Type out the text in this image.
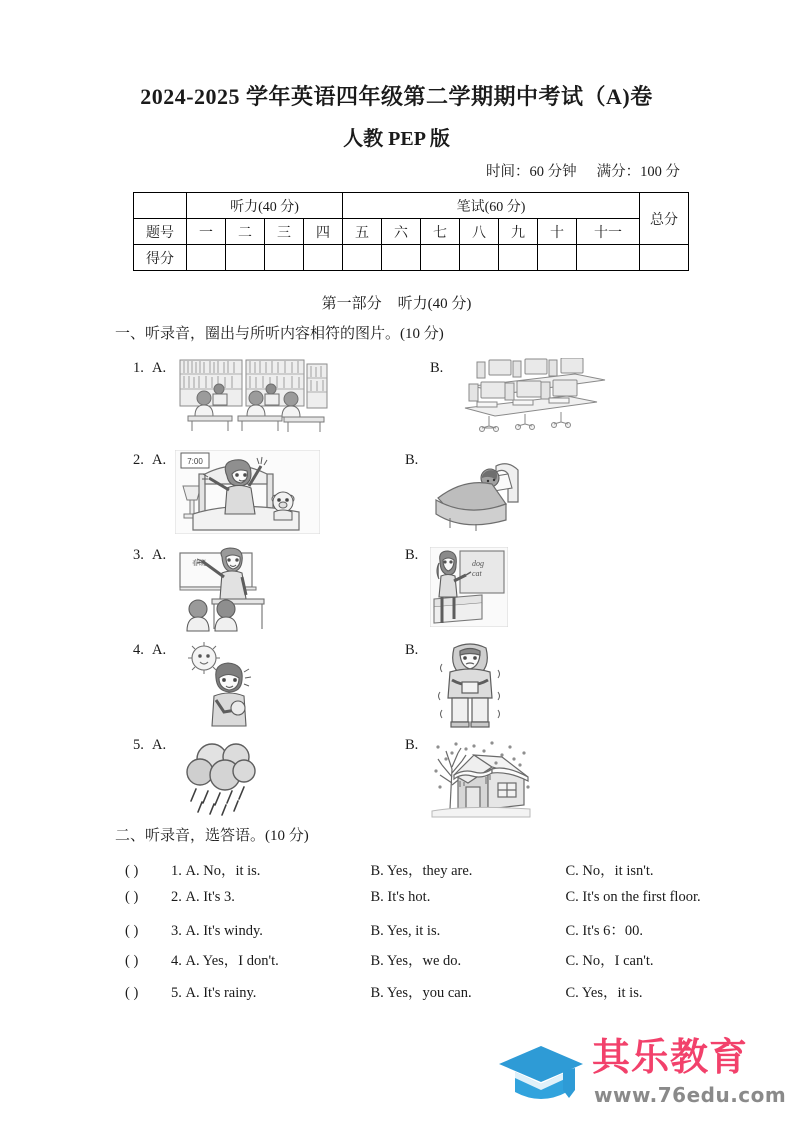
2024-2025 学年英语四年级第二学期期中考试（A)卷
人教 PEP 版
时间：60 分钟 满分：100 分
	听力(40 分)				笔试(60 分)							总分
题号	一	二	三	四	五	六	七	八	九	十	十一	
得分												
第一部分 听力(40 分)
一、听录音，圈出与所听内容相符的图片。(10 分)
1. A.	B.
2. A.	7:00	B.
3. A.	春晓	B.
dog
cat
4. A.	B.
5. A.	B.
二、听录音，选答语。(10 分)
( ) 1. A. No，it is.	B. Yes，they are.	C. No，it isn't.
( ) 2. A. It's 3.	B. It's hot.	C. It's on the first floor.
( ) 3. A. It's windy.	B. Yes, it is.	C. It's 6：00.
( ) 4. A. Yes，I don't.	B. Yes，we do.	C. No，I can't.
( ) 5. A. It's rainy.	B. Yes，you can.	C. Yes，it is.
其乐教育
www.76edu.com
